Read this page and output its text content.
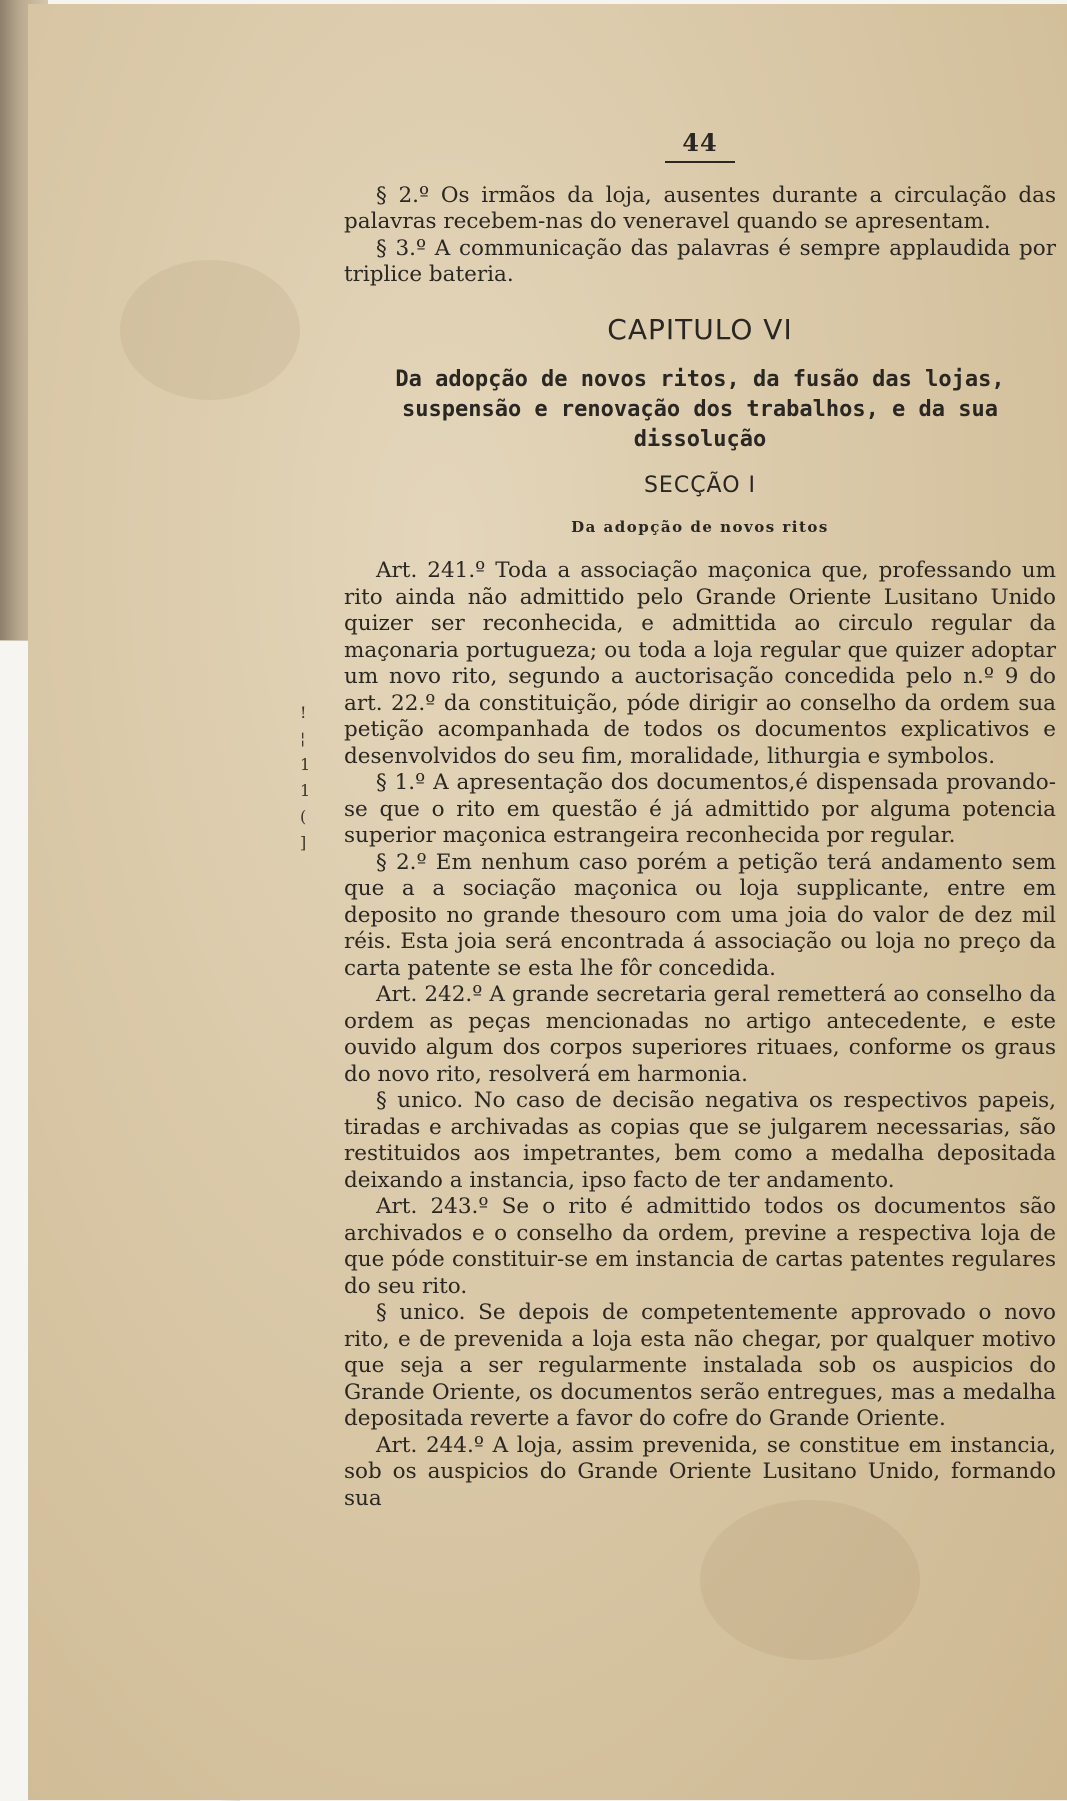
!
¦
1
1
(
]
44

§ 2.º Os irmãos da loja, ausentes durante a circulação das palavras recebem-nas do veneravel quando se apresentam.

§ 3.º A communicação das palavras é sempre applaudida por triplice bateria.

CAPITULO VI
Da adopção de novos ritos, da fusão das lojas,
suspensão e renovação dos trabalhos, e da sua dissolução
SECÇÃO I
Da adopção de novos ritos

Art. 241.º Toda a associação maçonica que, professando um rito ainda não admittido pelo Grande Oriente Lusitano Unido quizer ser reconhecida, e admittida ao circulo regular da maçonaria portugueza; ou toda a loja regular que quizer adoptar um novo rito, segundo a auctorisação concedida pelo n.º 9 do art. 22.º da constituição, póde dirigir ao conselho da ordem sua petição acompanhada de todos os documentos explicativos e desenvolvidos do seu fim, moralidade, lithurgia e symbolos.

§ 1.º A apresentação dos documentos,é dispensada provando-se que o rito em questão é já admittido por alguma potencia superior maçonica estrangeira reconhecida por regular.

§ 2.º Em nenhum caso porém a petição terá andamento sem que a a sociação maçonica ou loja supplicante, entre em deposito no grande thesouro com uma joia do valor de dez mil réis. Esta joia será encontrada á associação ou loja no preço da carta patente se esta lhe fôr concedida.

Art. 242.º A grande secretaria geral remetterá ao conselho da ordem as peças mencionadas no artigo antecedente, e este ouvido algum dos corpos superiores rituaes, conforme os graus do novo rito, resolverá em harmonia.

§ unico. No caso de decisão negativa os respectivos papeis, tiradas e archivadas as copias que se julgarem necessarias, são restituidos aos impetrantes, bem como a medalha depositada deixando a instancia, ipso facto de ter andamento.

Art. 243.º Se o rito é admittido todos os documentos são archivados e o conselho da ordem, previne a respectiva loja de que póde constituir-se em instancia de cartas patentes regulares do seu rito.

§ unico. Se depois de competentemente approvado o novo rito, e de prevenida a loja esta não chegar, por qualquer motivo que seja a ser regularmente instalada sob os auspicios do Grande Oriente, os documentos serão entregues, mas a medalha depositada reverte a favor do cofre do Grande Oriente.

Art. 244.º A loja, assim prevenida, se constitue em instancia, sob os auspicios do Grande Oriente Lusitano Unido, formando sua
